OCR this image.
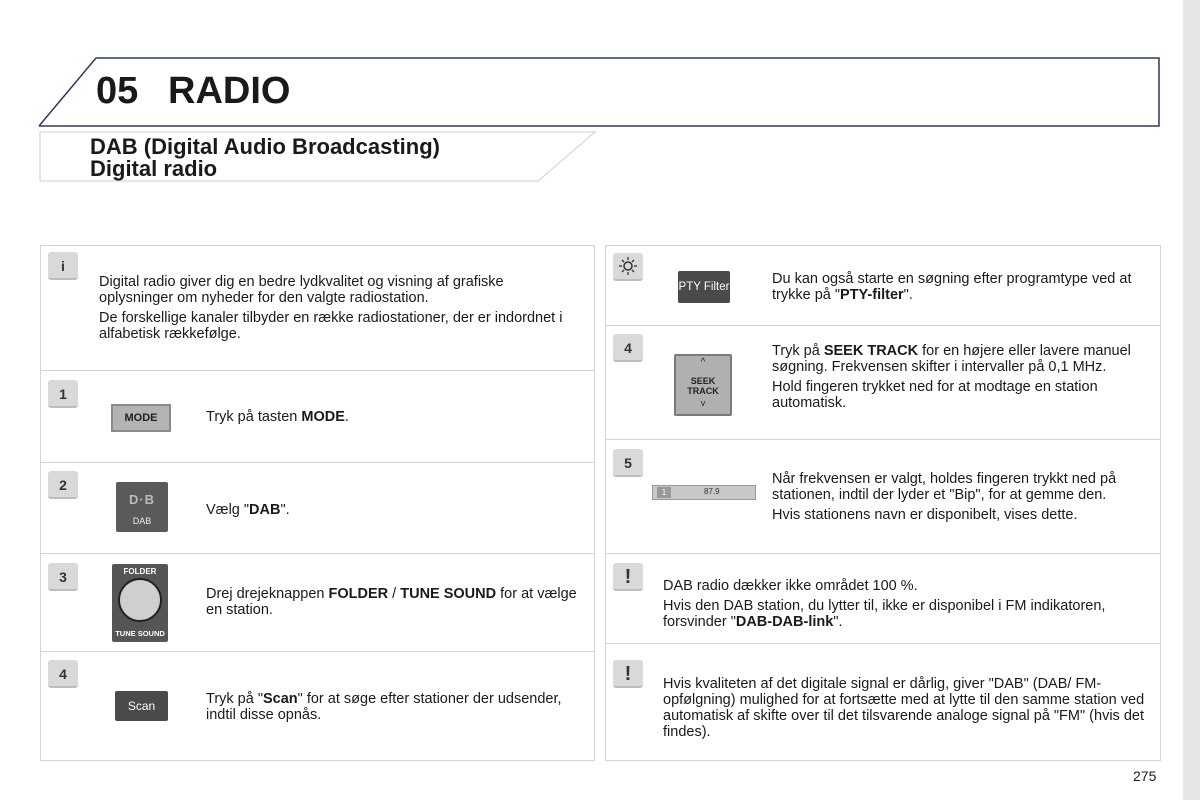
05 RADIO
DAB (Digital Audio Broadcasting)
Digital radio
i

Digital radio giver dig en bedre lydkvalitet og visning af grafiske oplysninger om nyheder for den valgte radiostation.

De forskellige kanaler tilbyder en række radiostationer, der er indordnet i alfabetisk rækkefølge.

1
MODE	Tryk på tasten MODE.
2
D·B
DAB
Vælg "DAB".
3	FOLDER
TUNE SOUND
Drej drejeknappen FOLDER / TUNE SOUND for at vælge en station.
4
Scan	Tryk på "Scan" for at søge efter stationer der udsender, indtil disse opnås.
PTY Filter	Du kan også starte en søgning efter programtype ved at trykke på "PTY-filter".
4
^
SEEK
TRACK
v

Tryk på SEEK TRACK for en højere eller lavere manuel søgning. Frekvensen skifter i intervaller på 0,1 MHz.

Hold fingeren trykket ned for at modtage en station automatisk.

5
1	87.9

Når frekvensen er valgt, holdes fingeren trykkt ned på stationen, indtil der lyder et "Bip", for at gemme den.

Hvis stationens navn er disponibelt, vises dette.

!	DAB radio dækker ikke området 100 %.

Hvis den DAB station, du lytter til, ikke er disponibel i FM indikatoren, forsvinder "DAB-DAB-link".

!	Hvis kvaliteten af det digitale signal er dårlig, giver "DAB" (DAB/ FM-opfølgning) mulighed for at fortsætte med at lytte til den samme station ved automatisk af skifte over til det tilsvarende analoge signal på "FM" (hvis det findes).

275
